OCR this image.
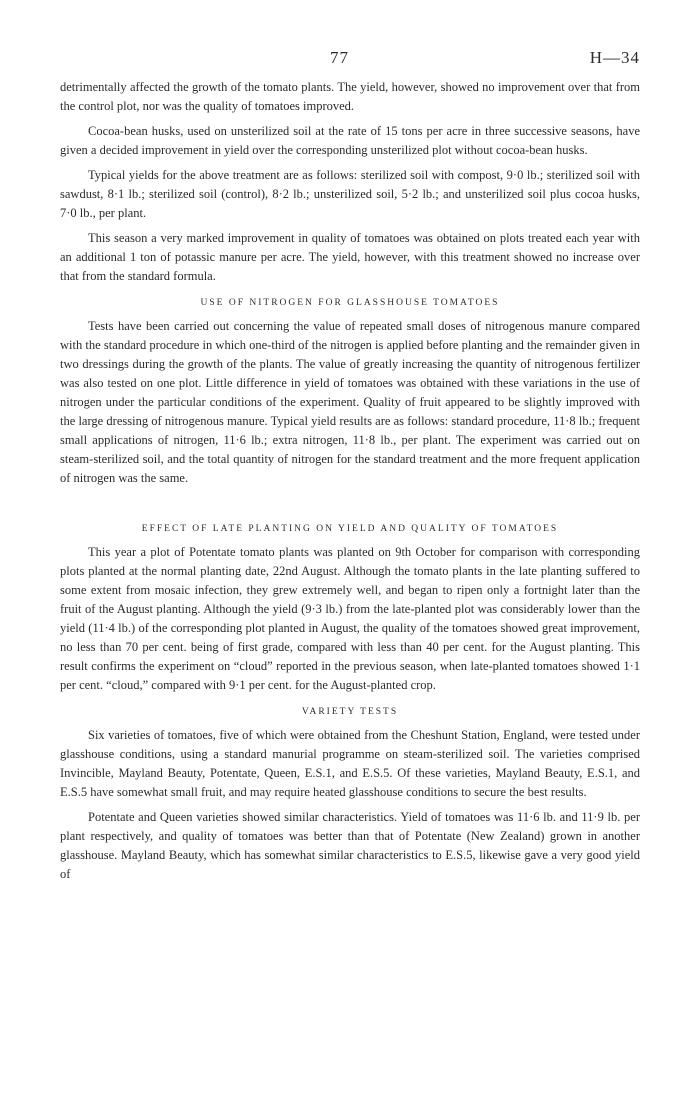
77	H—34

detrimentally affected the growth of the tomato plants. The yield, however, showed no improvement over that from the control plot, nor was the quality of tomatoes improved.

Cocoa-bean husks, used on unsterilized soil at the rate of 15 tons per acre in three successive seasons, have given a decided improvement in yield over the corresponding unsterilized plot without cocoa-bean husks.

Typical yields for the above treatment are as follows: sterilized soil with compost, 9·0 lb.; sterilized soil with sawdust, 8·1 lb.; sterilized soil (control), 8·2 lb.; unsterilized soil, 5·2 lb.; and unsterilized soil plus cocoa husks, 7·0 lb., per plant.

This season a very marked improvement in quality of tomatoes was obtained on plots treated each year with an additional 1 ton of potassic manure per acre. The yield, however, with this treatment showed no increase over that from the standard formula.

USE OF NITROGEN FOR GLASSHOUSE TOMATOES

Tests have been carried out concerning the value of repeated small doses of nitrogenous manure compared with the standard procedure in which one-third of the nitrogen is applied before planting and the remainder given in two dressings during the growth of the plants. The value of greatly increasing the quantity of nitrogenous fertilizer was also tested on one plot. Little difference in yield of tomatoes was obtained with these variations in the use of nitrogen under the particular conditions of the experiment. Quality of fruit appeared to be slightly improved with the large dressing of nitrogenous manure. Typical yield results are as follows: standard procedure, 11·8 lb.; frequent small applications of nitrogen, 11·6 lb.; extra nitrogen, 11·8 lb., per plant. The experiment was carried out on steam-sterilized soil, and the total quantity of nitrogen for the standard treatment and the more frequent application of nitrogen was the same.

EFFECT OF LATE PLANTING ON YIELD AND QUALITY OF TOMATOES

This year a plot of Potentate tomato plants was planted on 9th October for comparison with corresponding plots planted at the normal planting date, 22nd August. Although the tomato plants in the late planting suffered to some extent from mosaic infection, they grew extremely well, and began to ripen only a fortnight later than the fruit of the August planting. Although the yield (9·3 lb.) from the late-planted plot was considerably lower than the yield (11·4 lb.) of the corresponding plot planted in August, the quality of the tomatoes showed great improvement, no less than 70 per cent. being of first grade, compared with less than 40 per cent. for the August planting. This result confirms the experiment on “cloud” reported in the previous season, when late-planted tomatoes showed 1·1 per cent. “cloud,” compared with 9·1 per cent. for the August-planted crop.

VARIETY TESTS

Six varieties of tomatoes, five of which were obtained from the Cheshunt Station, England, were tested under glasshouse conditions, using a standard manurial programme on steam-sterilized soil. The varieties comprised Invincible, Mayland Beauty, Potentate, Queen, E.S.1, and E.S.5. Of these varieties, Mayland Beauty, E.S.1, and E.S.5 have somewhat small fruit, and may require heated glasshouse conditions to secure the best results.

Potentate and Queen varieties showed similar characteristics. Yield of tomatoes was 11·6 lb. and 11·9 lb. per plant respectively, and quality of tomatoes was better than that of Potentate (New Zealand) grown in another glasshouse. Mayland Beauty, which has somewhat similar characteristics to E.S.5, likewise gave a very good yield of
